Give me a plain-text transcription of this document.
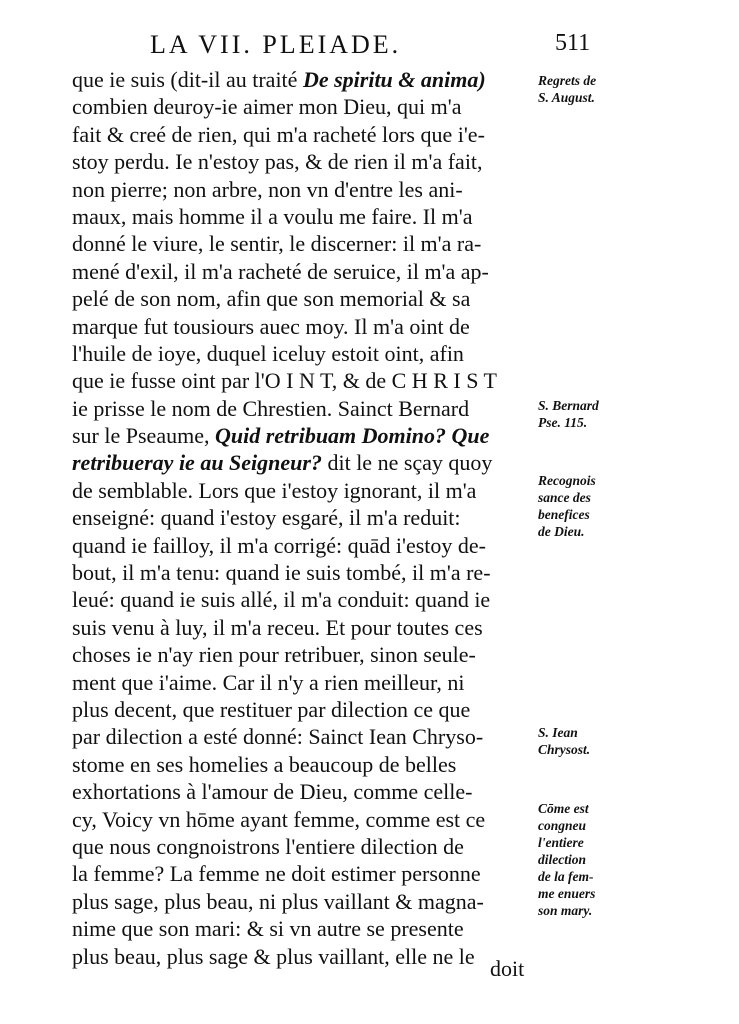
LA VII. PLEIADE.	511
que ie suis (dit-il au traité De spiritu & anima)
combien deuroy-ie aimer mon Dieu, qui m'a
fait & creé de rien, qui m'a racheté lors que i'e-
stoy perdu. Ie n'estoy pas, & de rien il m'a fait,
non pierre; non arbre, non vn d'entre les ani-
maux, mais homme il a voulu me faire. Il m'a
donné le viure, le sentir, le discerner: il m'a ra-
mené d'exil, il m'a racheté de seruice, il m'a ap-
pelé de son nom, afin que son memorial & sa
marque fut tousiours auec moy. Il m'a oint de
l'huile de ioye, duquel iceluy estoit oint, afin
que ie fusse oint par l'O I N T, & de C H R I S T
ie prisse le nom de Chrestien. Sainct Bernard
sur le Pseaume, Quid retribuam Domino? Que
retribueray ie au Seigneur? dit le ne sçay quoy
de semblable. Lors que i'estoy ignorant, il m'a
enseigné: quand i'estoy esgaré, il m'a reduit:
quand ie failloy, il m'a corrigé: quād i'estoy de-
bout, il m'a tenu: quand ie suis tombé, il m'a re-
leué: quand ie suis allé, il m'a conduit: quand ie
suis venu à luy, il m'a receu. Et pour toutes ces
choses ie n'ay rien pour retribuer, sinon seule-
ment que i'aime. Car il n'y a rien meilleur, ni
plus decent, que restituer par dilection ce que
par dilection a esté donné: Sainct Iean Chryso-
stome en ses homelies a beaucoup de belles
exhortations à l'amour de Dieu, comme celle-
cy, Voicy vn hōme ayant femme, comme est ce
que nous congnoistrons l'entiere dilection de
la femme? La femme ne doit estimer personne
plus sage, plus beau, ni plus vaillant & magna-
nime que son mari: & si vn autre se presente
plus beau, plus sage & plus vaillant, elle ne le
Regrets de
S. August.
S. Bernard
Psе. 115.
Recognois
sance des
benefices
de Dieu.
S. Iean
Chrysost.
Cōme est
congneu
l'entiere
dilection
de la fem-
me enuers
son mary.
doit
